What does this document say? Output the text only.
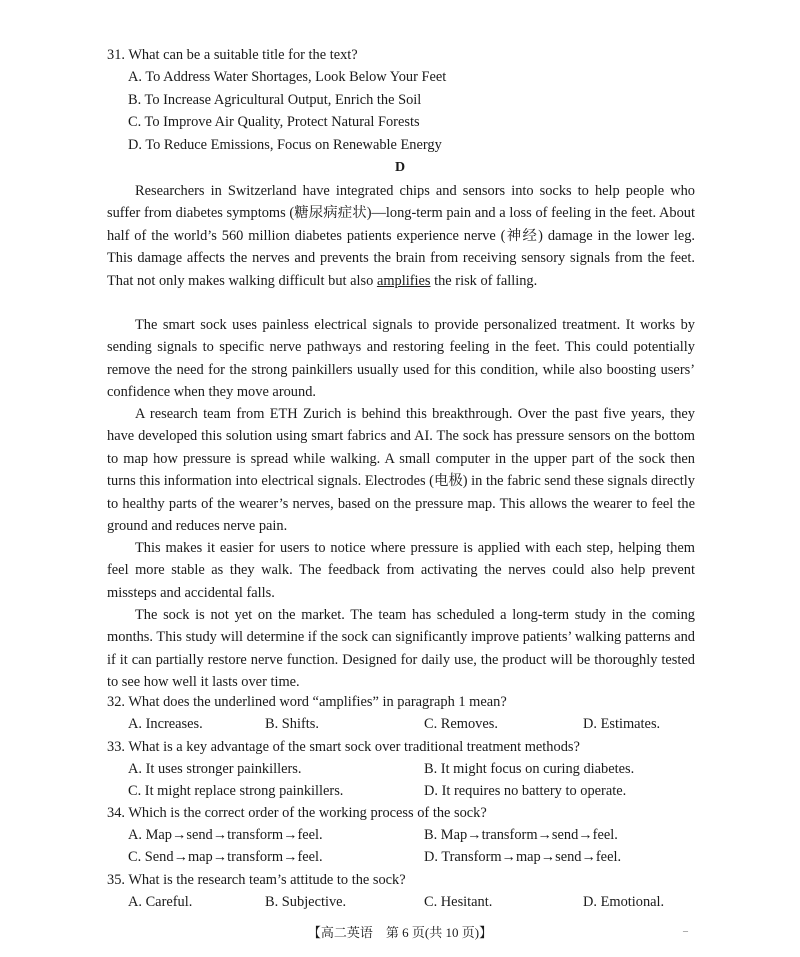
31. What can be a suitable title for the text?
A. To Address Water Shortages, Look Below Your Feet
B. To Increase Agricultural Output, Enrich the Soil
C. To Improve Air Quality, Protect Natural Forests
D. To Reduce Emissions, Focus on Renewable Energy
D
Researchers in Switzerland have integrated chips and sensors into socks to help people who suffer from diabetes symptoms (糖尿病症状)—long-term pain and a loss of feeling in the feet. About half of the world’s 560 million diabetes patients experience nerve (神经) damage in the lower leg. This damage affects the nerves and prevents the brain from receiving sensory signals from the feet. That not only makes walking difficult but also amplifies the risk of falling.
The smart sock uses painless electrical signals to provide personalized treatment. It works by sending signals to specific nerve pathways and restoring feeling in the feet. This could potentially remove the need for the strong painkillers usually used for this condition, while also boosting users’ confidence when they move around.
A research team from ETH Zurich is behind this breakthrough. Over the past five years, they have developed this solution using smart fabrics and AI. The sock has pressure sensors on the bottom to map how pressure is spread while walking. A small computer in the upper part of the sock then turns this information into electrical signals. Electrodes (电极) in the fabric send these signals directly to healthy parts of the wearer’s nerves, based on the pressure map. This allows the wearer to feel the ground and reduces nerve pain.
This makes it easier for users to notice where pressure is applied with each step, helping them feel more stable as they walk. The feedback from activating the nerves could also help prevent missteps and accidental falls.
The sock is not yet on the market. The team has scheduled a long-term study in the coming months. This study will determine if the sock can significantly improve patients’ walking patterns and if it can partially restore nerve function. Designed for daily use, the product will be thoroughly tested to see how well it lasts over time.
32. What does the underlined word “amplifies” in paragraph 1 mean?
A. Increases.	B. Shifts.	C. Removes.	D. Estimates.
33. What is a key advantage of the smart sock over traditional treatment methods?
A. It uses stronger painkillers.	B. It might focus on curing diabetes.
C. It might replace strong painkillers.	D. It requires no battery to operate.
34. Which is the correct order of the working process of the sock?
A. Map→send→transform→feel.	B. Map→transform→send→feel.
C. Send→map→transform→feel.	D. Transform→map→send→feel.
35. What is the research team’s attitude to the sock?
A. Careful.	B. Subjective.	C. Hesitant.	D. Emotional.
【高二英语　第 6 页(共 10 页)】	–
